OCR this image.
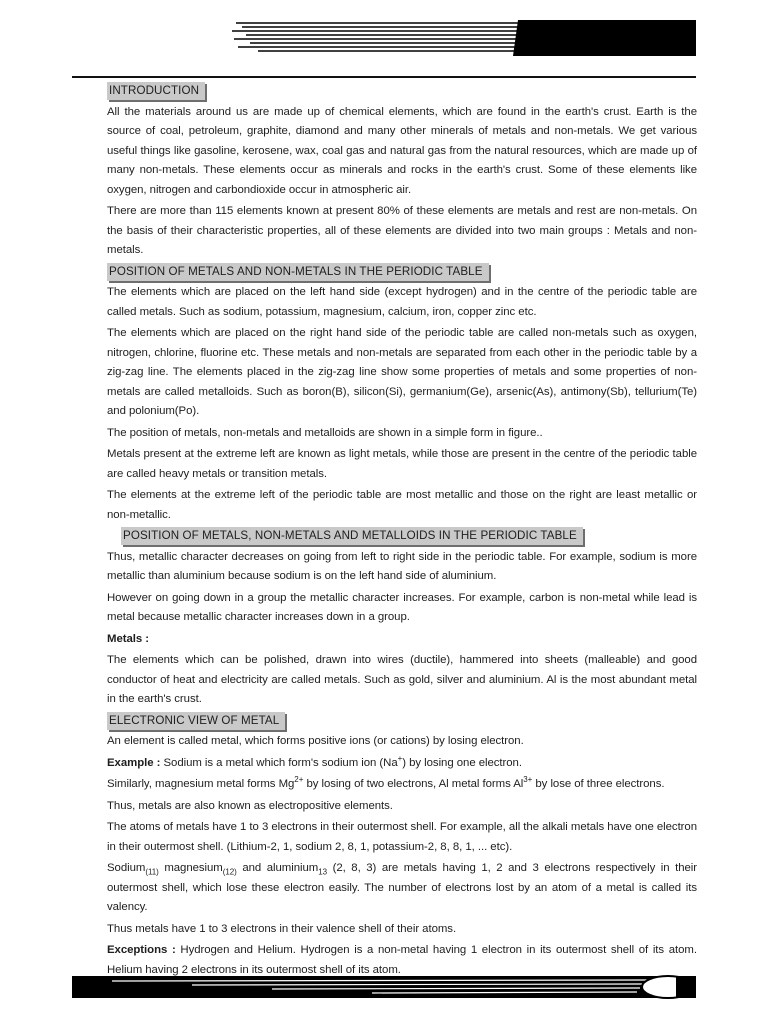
INTRODUCTION

All the materials around us are made up of chemical elements, which are found in the earth's crust. Earth is the source of coal, petroleum, graphite, diamond and many other minerals of metals and non-metals. We get various useful things like gasoline, kerosene, wax, coal gas and natural gas from the natural resources, which are made up of many non-metals. These elements occur as minerals and rocks in the earth's crust. Some of these elements like oxygen, nitrogen and carbondioxide occur in atmospheric air.

There are more than 115 elements known at present 80% of these elements are metals and rest are non-metals. On the basis of their characteristic properties, all of these elements are divided into two main groups : Metals and non-metals.

POSITION OF METALS AND NON-METALS IN THE PERIODIC TABLE

The elements which are placed on the left hand side (except hydrogen) and in the centre of the periodic table are called metals. Such as sodium, potassium, magnesium, calcium, iron, copper zinc etc.

The elements which are placed on the right hand side of the periodic table are called non-metals such as oxygen, nitrogen, chlorine, fluorine etc. These metals and non-metals are separated from each other in the periodic table by a zig-zag line. The elements placed in the zig-zag line show some properties of metals and some properties of non-metals are called metalloids. Such as boron(B), silicon(Si), germanium(Ge), arsenic(As), antimony(Sb), tellurium(Te) and polonium(Po).

The position of metals, non-metals and metalloids are shown in a simple form in figure..

Metals present at the extreme left are known as light metals, while those are present in the centre of the periodic table are called heavy metals or transition metals.

The elements at the extreme left of the periodic table are most metallic and those on the right are least metallic or non-metallic.

POSITION OF METALS, NON-METALS AND METALLOIDS IN THE PERIODIC TABLE

Thus, metallic character decreases on going from left to right side in the periodic table. For example, sodium is more metallic than aluminium because sodium is on the left hand side of aluminium.

However on going down in a group the metallic character increases. For example, carbon is non-metal while lead is metal because metallic character increases down in a group.

Metals :

The elements which can be polished, drawn into wires (ductile), hammered into sheets (malleable) and good conductor of heat and electricity are called metals. Such as gold, silver and aluminium. Al is the most abundant metal in the earth's crust.

ELECTRONIC VIEW OF METAL

An element is called metal, which forms positive ions (or cations) by losing electron.

Example : Sodium is a metal which form's sodium ion (Na+) by losing one electron.

Similarly, magnesium metal forms $Mg^{2+}$ by losing of two electrons, Al metal forms $Al^{3+}$ by lose of three electrons.

Thus, metals are also known as electropositive elements.

The atoms of metals have 1 to 3 electrons in their outermost shell. For example, all the alkali metals have one electron in their outermost shell. (Lithium-2, 1, sodium 2, 8, 1, potassium-2, 8, 8, 1, ... etc).

Sodium$_{(11)}$ magnesium$_{(12)}$ and aluminium$_{13}$ (2, 8, 3) are metals having 1, 2 and 3 electrons respectively in their outermost shell, which lose these electron easily. The number of electrons lost by an atom of a metal is called its valency.

Thus metals have 1 to 3 electrons in their valence shell of their atoms.

Exceptions : Hydrogen and Helium. Hydrogen is a non-metal having 1 electron in its outermost shell of its atom. Helium having 2 electrons in its outermost shell of its atom.
